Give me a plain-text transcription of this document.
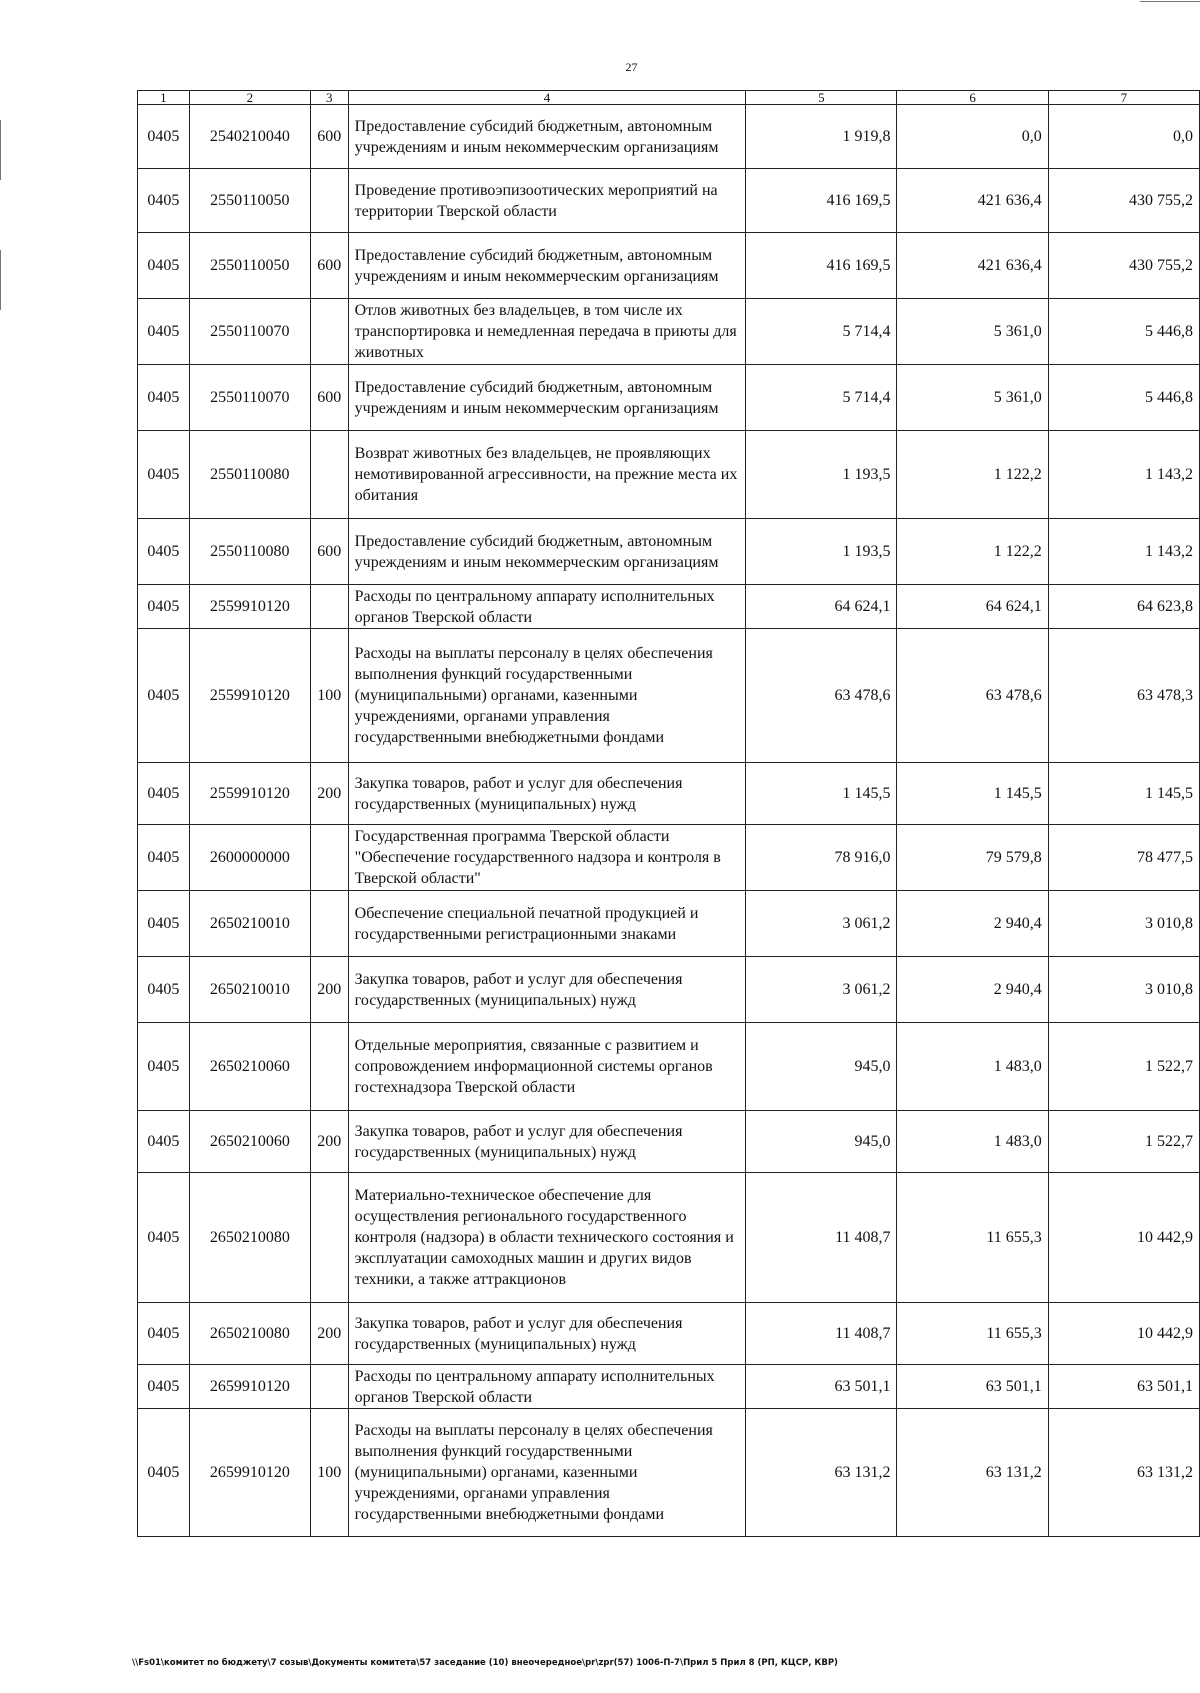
27
1	2	3	4	5	6	7
0405	2540210040	600	Предоставление субсидий бюджетным, автономным учреждениям и иным некоммерческим организациям	1 919,8	0,0	0,0
0405	2550110050		Проведение противоэпизоотических мероприятий на территории Тверской области	416 169,5	421 636,4	430 755,2
0405	2550110050	600	Предоставление субсидий бюджетным, автономным учреждениям и иным некоммерческим организациям	416 169,5	421 636,4	430 755,2
0405	2550110070		Отлов животных без владельцев, в том числе их транспортировка и немедленная передача в приюты для животных	5 714,4	5 361,0	5 446,8
0405	2550110070	600	Предоставление субсидий бюджетным, автономным учреждениям и иным некоммерческим организациям	5 714,4	5 361,0	5 446,8
0405	2550110080		Возврат животных без владельцев, не проявляющих немотивированной агрессивности, на прежние места их обитания	1 193,5	1 122,2	1 143,2
0405	2550110080	600	Предоставление субсидий бюджетным, автономным учреждениям и иным некоммерческим организациям	1 193,5	1 122,2	1 143,2
0405	2559910120		Расходы по центральному аппарату исполнительных органов Тверской области	64 624,1	64 624,1	64 623,8
0405	2559910120	100	Расходы на выплаты персоналу в целях обеспечения выполнения функций государственными (муниципальными) органами, казенными учреждениями, органами управления государственными внебюджетными фондами	63 478,6	63 478,6	63 478,3
0405	2559910120	200	Закупка товаров, работ и услуг для обеспечения государственных (муниципальных) нужд	1 145,5	1 145,5	1 145,5
0405	2600000000		Государственная программа Тверской области "Обеспечение государственного надзора и контроля в Тверской области"	78 916,0	79 579,8	78 477,5
0405	2650210010		Обеспечение специальной печатной продукцией и государственными регистрационными знаками	3 061,2	2 940,4	3 010,8
0405	2650210010	200	Закупка товаров, работ и услуг для обеспечения государственных (муниципальных) нужд	3 061,2	2 940,4	3 010,8
0405	2650210060		Отдельные мероприятия, связанные с развитием и сопровождением информационной системы органов гостехнадзора Тверской области	945,0	1 483,0	1 522,7
0405	2650210060	200	Закупка товаров, работ и услуг для обеспечения государственных (муниципальных) нужд	945,0	1 483,0	1 522,7
0405	2650210080		Материально-техническое обеспечение для осуществления регионального государственного контроля (надзора) в области технического состояния и эксплуатации самоходных машин и других видов техники, а также аттракционов	11 408,7	11 655,3	10 442,9
0405	2650210080	200	Закупка товаров, работ и услуг для обеспечения государственных (муниципальных) нужд	11 408,7	11 655,3	10 442,9
0405	2659910120		Расходы по центральному аппарату исполнительных органов Тверской области	63 501,1	63 501,1	63 501,1
0405	2659910120	100	Расходы на выплаты персоналу в целях обеспечения выполнения функций государственными (муниципальными) органами, казенными учреждениями, органами управления государственными внебюджетными фондами	63 131,2	63 131,2	63 131,2
\\Fs01\комитет по бюджету\7 созыв\Документы комитета\57 заседание (10) внеочередное\pr\zpr(57) 1006-П-7\Прил 5 Прил 8 (РП, КЦСР, КВР)
